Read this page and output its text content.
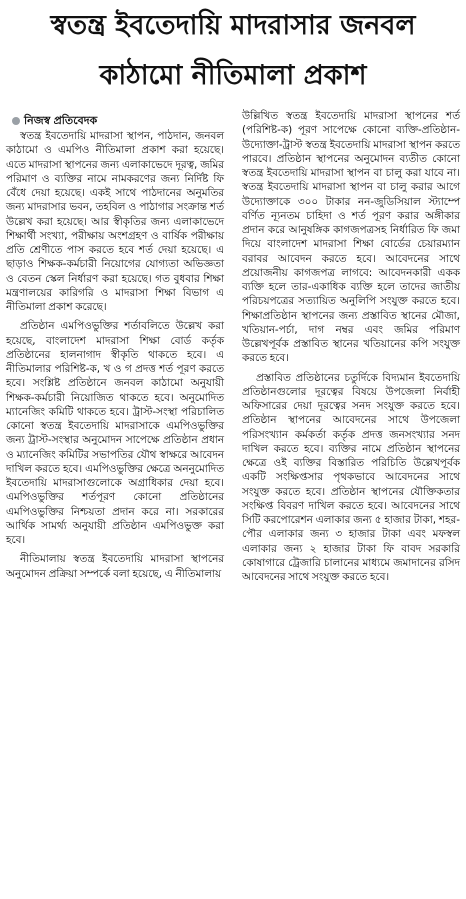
স্বতন্ত্র ইবতেদায়ি মাদরাসার জনবল
কাঠামো নীতিমালা প্রকাশ
নিজস্ব প্রতিবেদক

স্বতন্ত্র ইবতেদায়ি মাদরাসা স্থাপন, পাঠদান, জনবল কাঠামো ও এমপিও নীতিমালা প্রকাশ করা হয়েছে। এতে মাদরাসা স্থাপনের জন্য এলাকাভেদে দূরত্ব, জমির পরিমাণ ও ব্যক্তির নামে নামকরণের জন্য নির্দিষ্ট ফি বেঁধে দেয়া হয়েছে। একই সাথে পাঠদানের অনুমতির জন্য মাদরাসার ভবন, তহবিল ও পাঠাগার সংক্রান্ত শর্ত উল্লেখ করা হয়েছে। আর স্বীকৃতির জন্য এলাকাভেদে শিক্ষার্থী সংখ্যা, পরীক্ষায় অংশগ্রহণ ও বার্ষিক পরীক্ষায় প্রতি শ্রেণীতে পাস করতে হবে শর্ত দেয়া হয়েছে। এ ছাড়াও শিক্ষক-কর্মচারী নিয়োগের যোগ্যতা অভিজ্ঞতা ও বেতন স্কেল নির্ধারণ করা হয়েছে। গত বুধবার শিক্ষা মন্ত্রণালয়ের কারিগরি ও মাদরাসা শিক্ষা বিভাগ এ নীতিমালা প্রকাশ করেছে।

প্রতিষ্ঠান এমপিওভুক্তির শর্তাবলিতে উল্লেখ করা হয়েছে, বাংলাদেশ মাদরাসা শিক্ষা বোর্ড কর্তৃক প্রতিষ্ঠানের হালনাগাদ স্বীকৃতি থাকতে হবে। এ নীতিমালার পরিশিষ্ট-ক, খ ও গ প্রদত্ত শর্ত পূরণ করতে হবে। সংশ্লিষ্ট প্রতিষ্ঠানে জনবল কাঠামো অনুযায়ী শিক্ষক-কর্মচারী নিয়োজিত থাকতে হবে। অনুমোদিত ম্যানেজিং কমিটি থাকতে হবে। ট্রাস্ট-সংস্থা পরিচালিত কোনো স্বতন্ত্র ইবতেদায়ি মাদরাসাকে এমপিওভুক্তির জন্য ট্রাস্ট-সংস্থার অনুমোদন সাপেক্ষে প্রতিষ্ঠান প্রধান ও ম্যানেজিং কমিটির সভাপতির যৌথ স্বাক্ষরে আবেদন দাখিল করতে হবে। এমপিওভুক্তির ক্ষেত্রে অননুমোদিত ইবতেদায়ি মাদরাসাগুলোকে অগ্রাধিকার দেয়া হবে। এমপিওভুক্তির শর্তপূরণ কোনো প্রতিষ্ঠানের এমপিওভুক্তির নিশ্চয়তা প্রদান করে না। সরকারের আর্থিক সামর্থ্য অনুযায়ী প্রতিষ্ঠান এমপিওভুক্ত করা হবে।

নীতিমালায় স্বতন্ত্র ইবতেদায়ি মাদরাসা স্থাপনের অনুমোদন প্রক্রিয়া সম্পর্কে বলা হয়েছে, এ নীতিমালায়

উল্লিখিত স্বতন্ত্র ইবতেদায়ি মাদরাসা স্থাপনের শর্ত (পরিশিষ্ট-ক) পূরণ সাপেক্ষে কোনো ব্যক্তি-প্রতিষ্ঠান-উদ্যোক্তা-ট্রাস্ট স্বতন্ত্র ইবতেদায়ি মাদরাসা স্থাপন করতে পারবে। প্রতিষ্ঠান স্থাপনের অনুমোদন ব্যতীত কোনো স্বতন্ত্র ইবতেদায়ি মাদরাসা স্থাপন বা চালু করা যাবে না। স্বতন্ত্র ইবতেদায়ি মাদরাসা স্থাপন বা চালু করার আগে উদ্যোক্তাকে ৩০০ টাকার নন-জুডিসিয়াল স্ট্যাম্পে বর্ণিত ন্যূনতম চাহিদা ও শর্ত পূরণ করার অঙ্গীকার প্রদান করে আনুষঙ্গিক কাগজপত্রসহ নির্ধারিত ফি জমা দিয়ে বাংলাদেশ মাদরাসা শিক্ষা বোর্ডের চেয়ারম্যান বরাবর আবেদন করতে হবে। আবেদনের সাথে প্রয়োজনীয় কাগজপত্র লাগবে: আবেদনকারী একক ব্যক্তি হলে তার-একাধিক ব্যক্তি হলে তাদের জাতীয় পরিচয়পত্রের সত্যায়িত অনুলিপি সংযুক্ত করতে হবে। শিক্ষাপ্রতিষ্ঠান স্থাপনের জন্য প্রস্তাবিত স্থানের মৌজা, খতিয়ান-পর্চা, দাগ নম্বর এবং জমির পরিমাণ উল্লেখপূর্বক প্রস্তাবিত স্থানের খতিয়ানের কপি সংযুক্ত করতে হবে।

প্রস্তাবিত প্রতিষ্ঠানের চতুর্দিকে বিদ্যমান ইবতেদায়ি প্রতিষ্ঠানগুলোর দূরত্বের বিষয়ে উপজেলা নির্বাহী অফিসারের দেয়া দূরত্বের সনদ সংযুক্ত করতে হবে। প্রতিষ্ঠান স্থাপনের আবেদনের সাথে উপজেলা পরিসংখ্যান কর্মকর্তা কর্তৃক প্রদত্ত জনসংখ্যার সনদ দাখিল করতে হবে। ব্যক্তির নামে প্রতিষ্ঠান স্থাপনের ক্ষেত্রে ওই ব্যক্তির বিস্তারিত পরিচিতি উল্লেখপূর্বক একটি সংক্ষিপ্তসার পৃথকভাবে আবেদনের সাথে সংযুক্ত করতে হবে। প্রতিষ্ঠান স্থাপনের যৌক্তিকতার সংক্ষিপ্ত বিবরণ দাখিল করতে হবে। আবেদনের সাথে সিটি করপোরেশন এলাকার জন্য ৫ হাজার টাকা, শহর-পৌর এলাকার জন্য ৩ হাজার টাকা এবং মফস্বল এলাকার জন্য ২ হাজার টাকা ফি বাবদ সরকারি কোষাগারে ট্রেজারি চালানের মাধ্যমে জমাদানের রসিদ আবেদনের সাথে সংযুক্ত করতে হবে।
